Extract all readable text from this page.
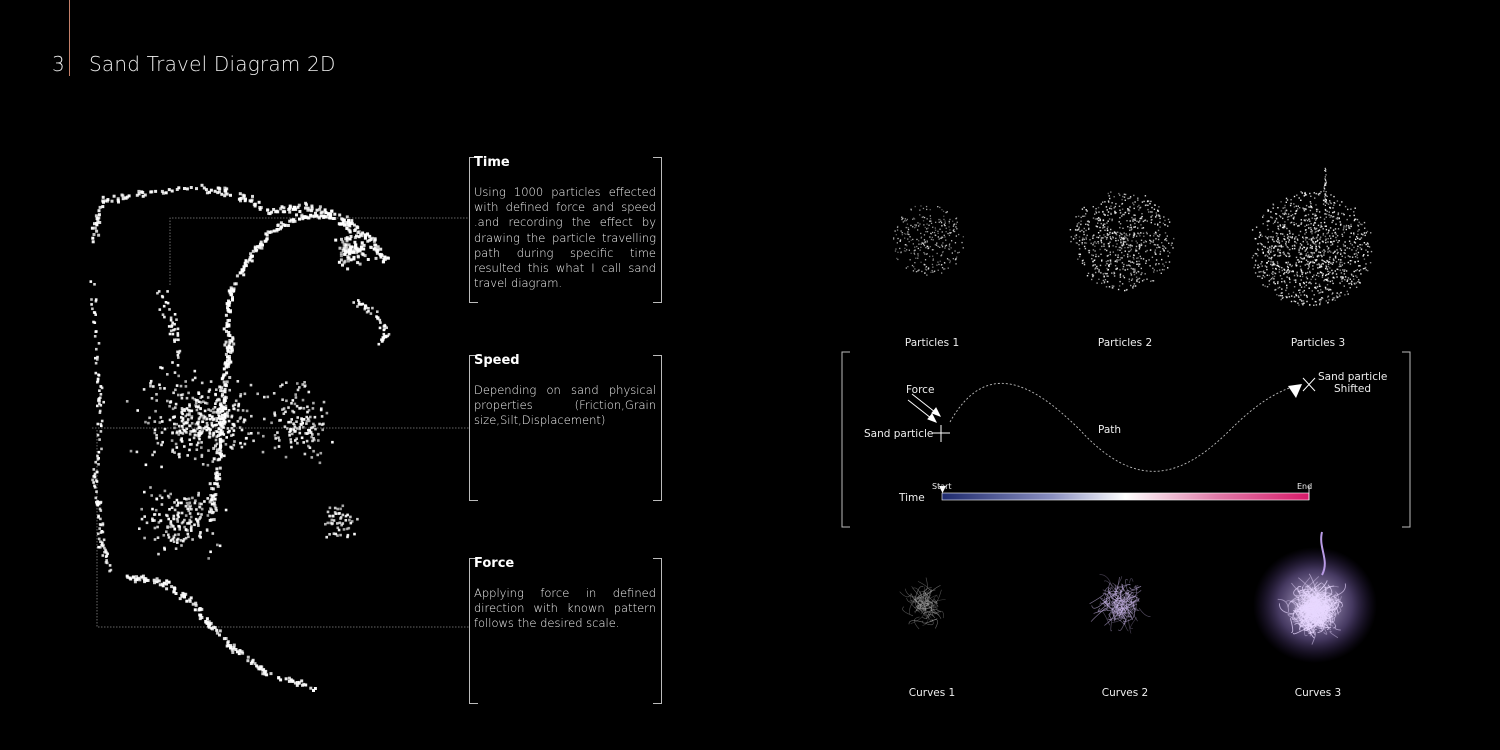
3 Sand Travel Diagram 2D
Time
Using 1000 particles effected with defined force and speed .and recording the effect by drawing the particle travelling path during specific time resulted this what I call sand travel diagram.
Speed
Depending on sand physical properties (Friction,Grain size,Silt,Displacement)
Force
Applying force in defined direction with known pattern follows the desired scale.
Force
Sand particle	Path
Sand particle
Shifted
Time
Start	End
Particles 1	Particles 2	Particles 3
Curves 1	Curves 2	Curves 3
